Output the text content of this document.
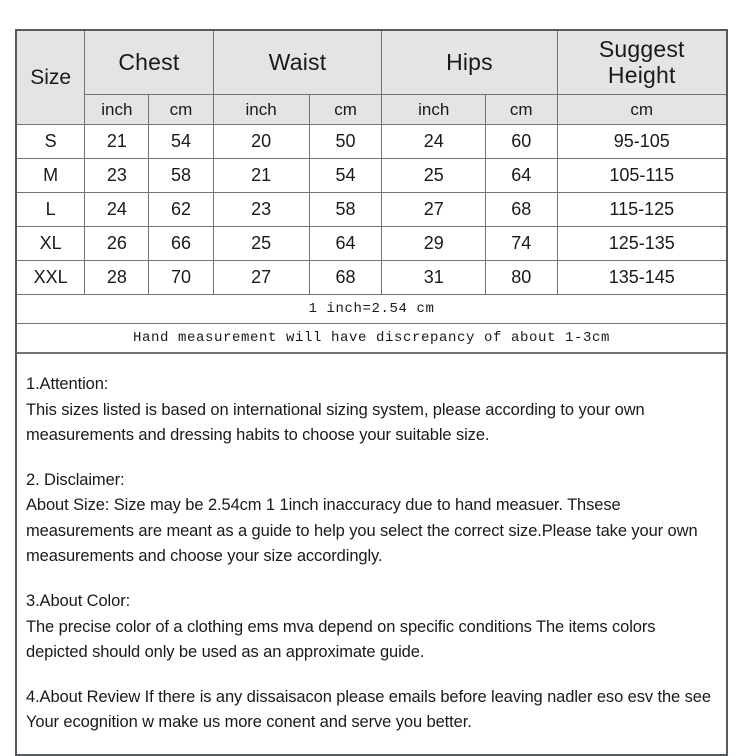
Size	Chest		Waist		Hips		Suggest
Height
	inch	cm	inch	cm	inch	cm	cm
S	21	54	20	50	24	60	95-105
M	23	58	21	54	25	64	105-115
L	24	62	23	58	27	68	115-125
XL	26	66	25	64	29	74	125-135
XXL	28	70	27	68	31	80	135-145
1 inch=2.54 cm							
Hand measurement will have discrepancy of about 1-3cm							

1.Attention:
This sizes listed is based on international sizing system, please according to your own measurements and dressing habits to choose your suitable size.

2. Disclaimer:
About Size: Size may be 2.54cm 1 1inch inaccuracy due to hand measuer. Thsese measurements are meant as a guide to help you select the correct size.Please take your own measurements and choose your size accordingly.

3.About Color:
The precise color of a clothing ems mva depend on specific conditions The items colors depicted should only be used as an approximate guide.

4.About Review If there is any dissaisacon please emails before leaving nadler eso esv the see Your ecognition w make us more conent and serve you better.
